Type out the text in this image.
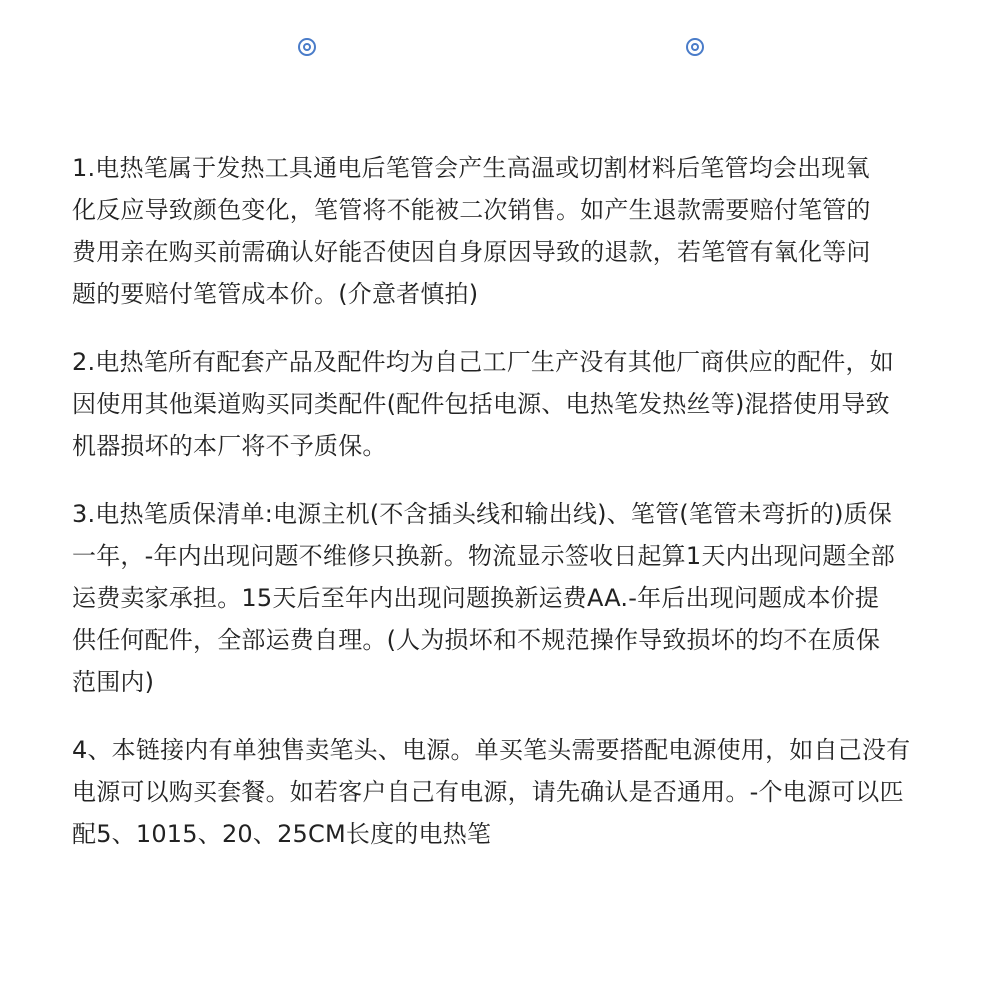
1.电热笔属于发热工具通电后笔管会产生高温或切割材料后笔管均会出现氧
化反应导致颜色变化，笔管将不能被二次销售。如产生退款需要赔付笔管的
费用亲在购买前需确认好能否使因自身原因导致的退款，若笔管有氧化等问
题的要赔付笔管成本价。(介意者慎拍)

2.电热笔所有配套产品及配件均为自己工厂生产没有其他厂商供应的配件，如
因使用其他渠道购买同类配件(配件包括电源、电热笔发热丝等)混搭使用导致
机器损坏的本厂将不予质保。

3.电热笔质保清单:电源主机(不含插头线和输出线)、笔管(笔管未弯折的)质保
一年，-年内出现问题不维修只换新。物流显示签收日起算1天内出现问题全部
运费卖家承担。15天后至年内出现问题换新运费AA.-年后出现问题成本价提
供任何配件，全部运费自理。(人为损坏和不规范操作导致损坏的均不在质保
范围内)

4、本链接内有单独售卖笔头、电源。单买笔头需要搭配电源使用，如自己没有
电源可以购买套餐。如若客户自己有电源，请先确认是否通用。-个电源可以匹
配5、1015、20、25CM长度的电热笔
